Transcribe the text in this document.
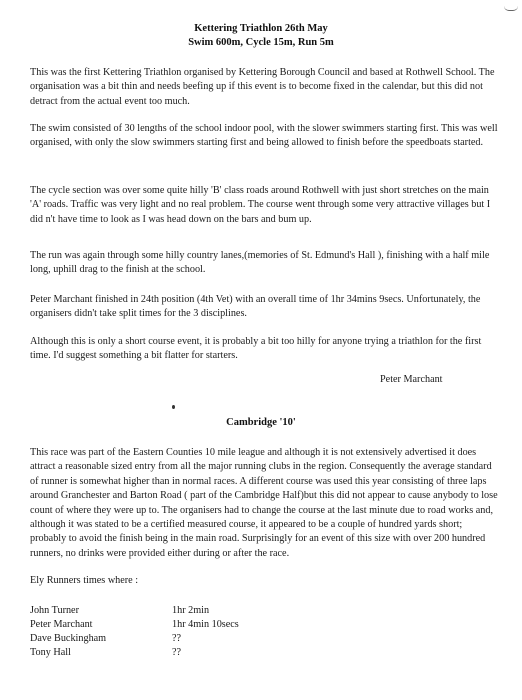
Kettering Triathlon 26th May
Swim 600m, Cycle 15m, Run 5m

This was the first Kettering Triathlon organised by Kettering Borough Council and based at Rothwell School. The organisation was a bit thin and needs beefing up if this event is to become fixed in the calendar, but this did not detract from the actual event too much.

The swim consisted of 30 lengths of the school indoor pool, with the slower swimmers starting first. This was well organised, with only the slow swimmers starting first and being allowed to finish before the speedboats started.

The cycle section was over some quite hilly 'B' class roads around Rothwell with just short stretches on the main 'A' roads. Traffic was very light and no real problem. The course went through some very attractive villages but I did n't have time to look as I was head down on the bars and bum up.

The run was again through some hilly country lanes,(memories of St. Edmund's Hall ), finishing with a half mile long, uphill drag to the finish at the school.

Peter Marchant finished in 24th position (4th Vet) with an overall time of 1hr 34mins 9secs. Unfortunately, the organisers didn't take split times for the 3 disciplines.

Although this is only a short course event, it is probably a bit too hilly for anyone trying a triathlon for the first time. I'd suggest something a bit flatter for starters.

Peter Marchant
Cambridge '10'

This race was part of the Eastern Counties 10 mile league and although it is not extensively advertised it does attract a reasonable sized entry from all the major running clubs in the region. Consequently the average standard of runner is somewhat higher than in normal races. A different course was used this year consisting of three laps around Granchester and Barton Road ( part of the Cambridge Half)but this did not appear to cause anybody to lose count of where they were up to. The organisers had to change the course at the last minute due to road works and, although it was stated to be a certified measured course, it appeared to be a couple of hundred yards short; probably to avoid the finish being in the main road. Surprisingly for an event of this size with over 200 hundred runners, no drinks were provided either during or after the race.

Ely Runners times where :
John Turner	1hr 2min
Peter Marchant	1hr 4min 10secs
Dave Buckingham	??
Tony Hall	??
